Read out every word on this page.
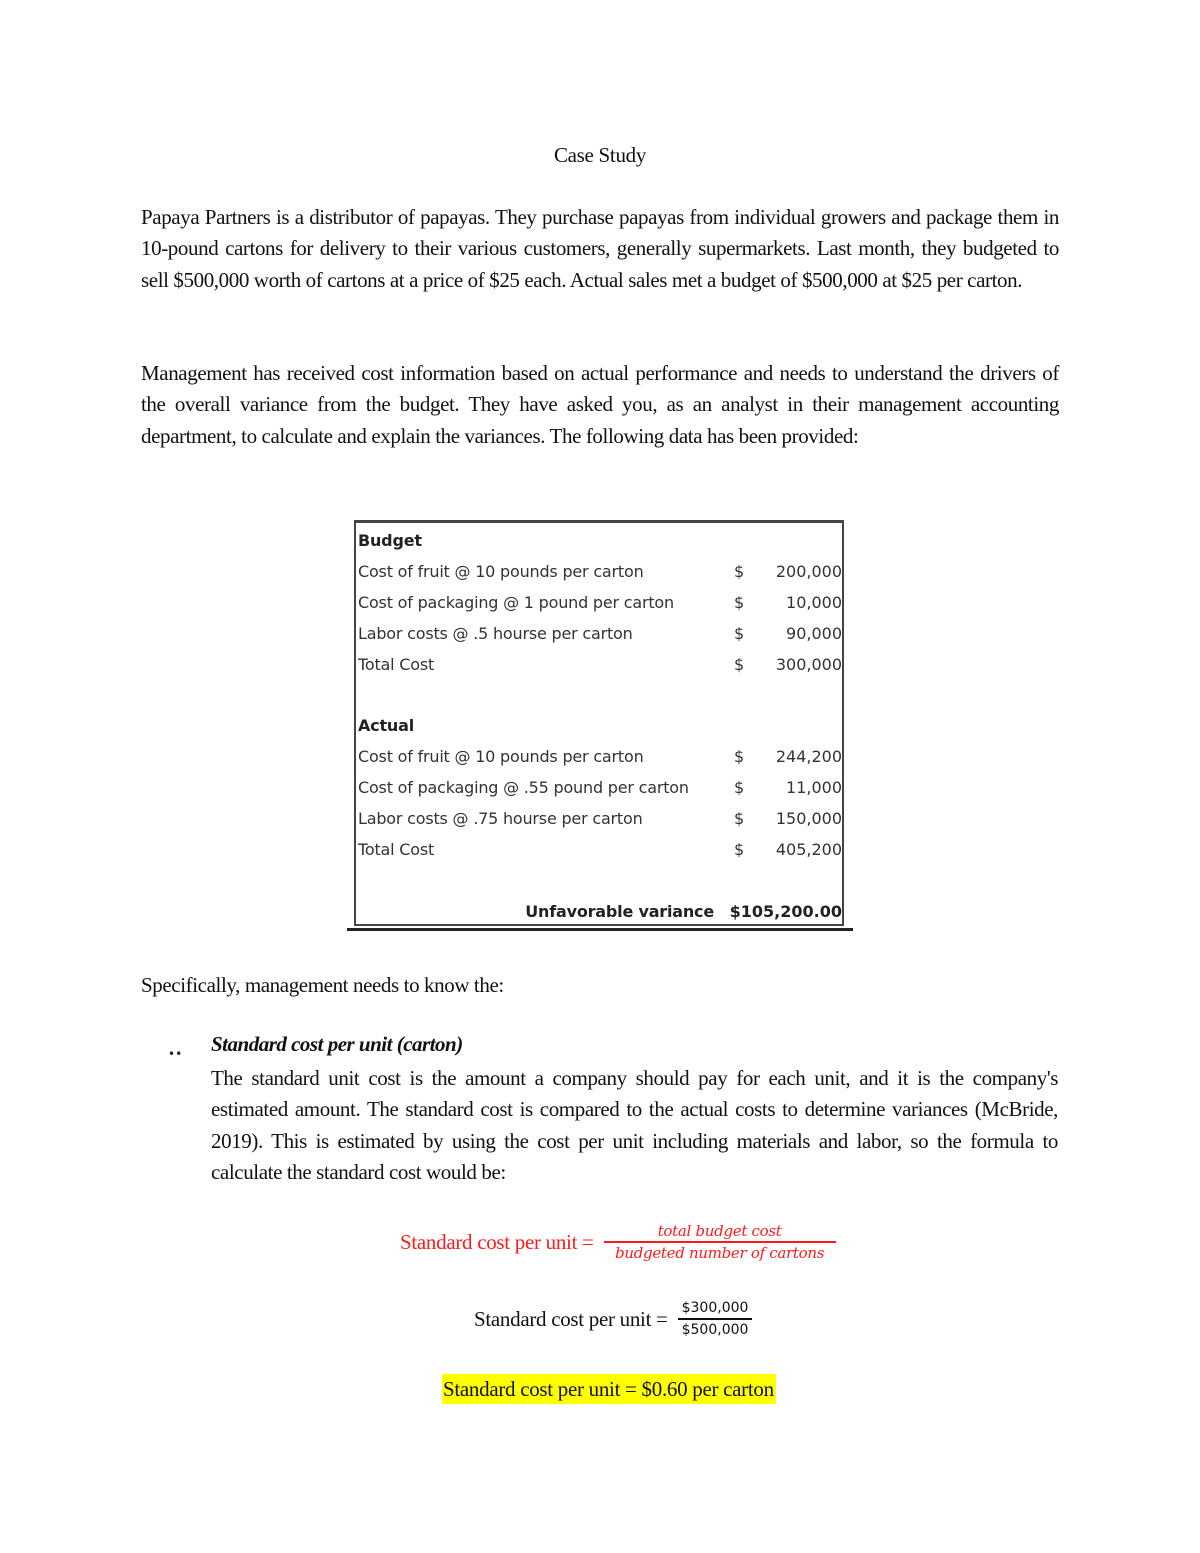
Case Study

Papaya Partners is a distributor of papayas. They purchase papayas from individual growers and package them in 10-pound cartons for delivery to their various customers, generally supermarkets. Last month, they budgeted to sell $500,000 worth of cartons at a price of $25 each. Actual sales met a budget of $500,000 at $25 per carton.

Management has received cost information based on actual performance and needs to understand the drivers of the overall variance from the budget. They have asked you, as an analyst in their management accounting department, to calculate and explain the variances. The following data has been provided:

Budget
Cost of fruit @ 10 pounds per carton	$ 200,000
Cost of packaging @ 1 pound per carton	$	10,000
Labor costs @ .5 hourse per carton	$	90,000
Total Cost	$ 300,000
Actual
Cost of fruit @ 10 pounds per carton	$ 244,200
Cost of packaging @ .55 pound per carton	$	11,000
Labor costs @ .75 hourse per carton	$ 150,000
Total Cost	$ 405,200
Unfavorable variance $105,200.00

Specifically, management needs to know the:

•• Standard cost per unit (carton)

The standard unit cost is the amount a company should pay for each unit, and it is the company's estimated amount. The standard cost is compared to the actual costs to determine variances (McBride, 2019). This is estimated by using the cost per unit including materials and labor, so the formula to calculate the standard cost would be:

Standard cost per unit = $\frac{\text{total budget cost}}{\text{budgeted number of cartons}}$
Standard cost per unit = $\frac{\$300,000}{\$500,000}$
Standard cost per unit = $0.60 per carton
